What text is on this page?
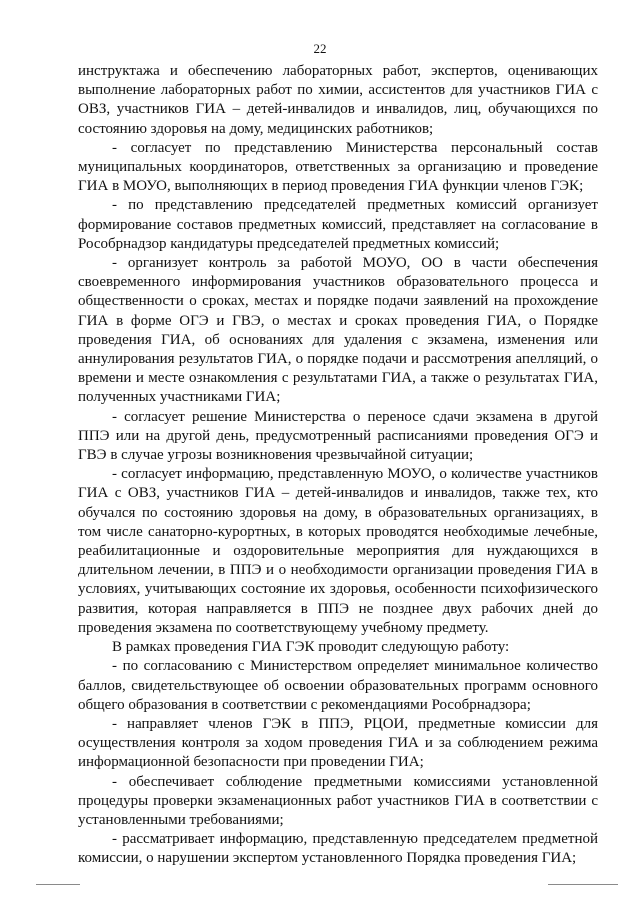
22

инструктажа и обеспечению лабораторных работ, экспертов, оценивающих выполнение лабораторных работ по химии, ассистентов для участников ГИА с ОВЗ, участников ГИА – детей-инвалидов и инвалидов, лиц, обучающихся по состоянию здоровья на дому, медицинских работников;

- согласует по представлению Министерства персональный состав муниципальных координаторов, ответственных за организацию и проведение ГИА в МОУО, выполняющих в период проведения ГИА функции членов ГЭК;

- по представлению председателей предметных комиссий организует формирование составов предметных комиссий, представляет на согласование в Рособрнадзор кандидатуры председателей предметных комиссий;

- организует контроль за работой МОУО, ОО в части обеспечения своевременного информирования участников образовательного процесса и общественности о сроках, местах и порядке подачи заявлений на прохождение ГИА в форме ОГЭ и ГВЭ, о местах и сроках проведения ГИА, о Порядке проведения ГИА, об основаниях для удаления с экзамена, изменения или аннулирования результатов ГИА, о порядке подачи и рассмотрения апелляций, о времени и месте ознакомления с результатами ГИА, а также о результатах ГИА, полученных участниками ГИА;

- согласует решение Министерства о переносе сдачи экзамена в другой ППЭ или на другой день, предусмотренный расписаниями проведения ОГЭ и ГВЭ в случае угрозы возникновения чрезвычайной ситуации;

- согласует информацию, представленную МОУО, о количестве участников ГИА с ОВЗ, участников ГИА – детей-инвалидов и инвалидов, также тех, кто обучался по состоянию здоровья на дому, в образовательных организациях, в том числе санаторно-курортных, в которых проводятся необходимые лечебные, реабилитационные и оздоровительные мероприятия для нуждающихся в длительном лечении, в ППЭ и о необходимости организации проведения ГИА в условиях, учитывающих состояние их здоровья, особенности психофизического развития, которая направляется в ППЭ не позднее двух рабочих дней до проведения экзамена по соответствующему учебному предмету.

В рамках проведения ГИА ГЭК проводит следующую работу:

- по согласованию с Министерством определяет минимальное количество баллов, свидетельствующее об освоении образовательных программ основного общего образования в соответствии с рекомендациями Рособрнадзора;

- направляет членов ГЭК в ППЭ, РЦОИ, предметные комиссии для осуществления контроля за ходом проведения ГИА и за соблюдением режима информационной безопасности при проведении ГИА;

- обеспечивает соблюдение предметными комиссиями установленной процедуры проверки экзаменационных работ участников ГИА в соответствии с установленными требованиями;

- рассматривает информацию, представленную председателем предметной комиссии, о нарушении экспертом установленного Порядка проведения ГИА;
